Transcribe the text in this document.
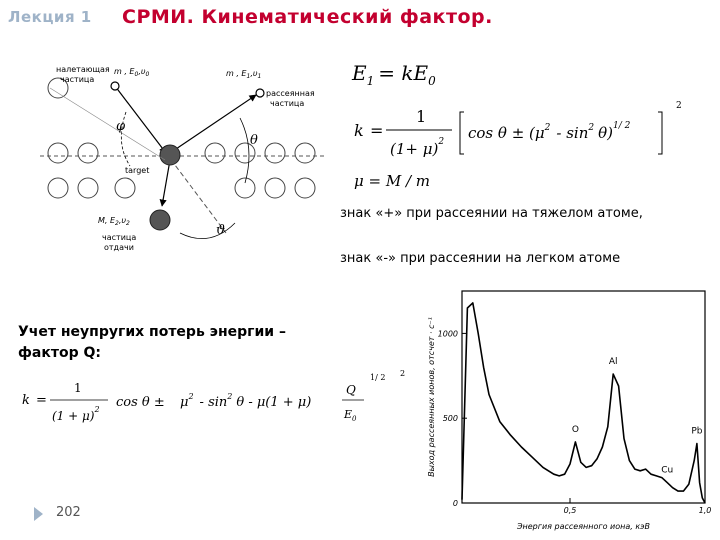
Лекция 1 СРМИ. Кинематический фактор.
налетающая
частица
m , $E_0,\upsilon_0$	m , $E_1,\upsilon_1$
рассеянная
частица
target
M, $E_2,\upsilon_2$
частица
отдачи
φ
θ
ϑ
$E_1 = kE_0$
k =
1
$(1+ \mu)^2$ $\cos \theta \pm (\mu^2 - \sin^2 \theta)^{1/ 2}$
2
μ = M / m
знак «+» при рассеянии на тяжелом атоме,
знак «-» при рассеянии на легком атоме
Учет неупругих потерь энергии –
фактор Q:
k =
1
$(1 + \mu)^2$ $\cos \theta \pm \mu^2 - \sin^2 \theta - \mu(1 + \mu)$
Q
$E_0$
1/ 2 2
0
500
1000
0,5	1,0
O
Al
Cu
Pb
Выход рассеянных ионов, отсчет · с⁻¹
Энергия рассеянного иона, кэВ
202
